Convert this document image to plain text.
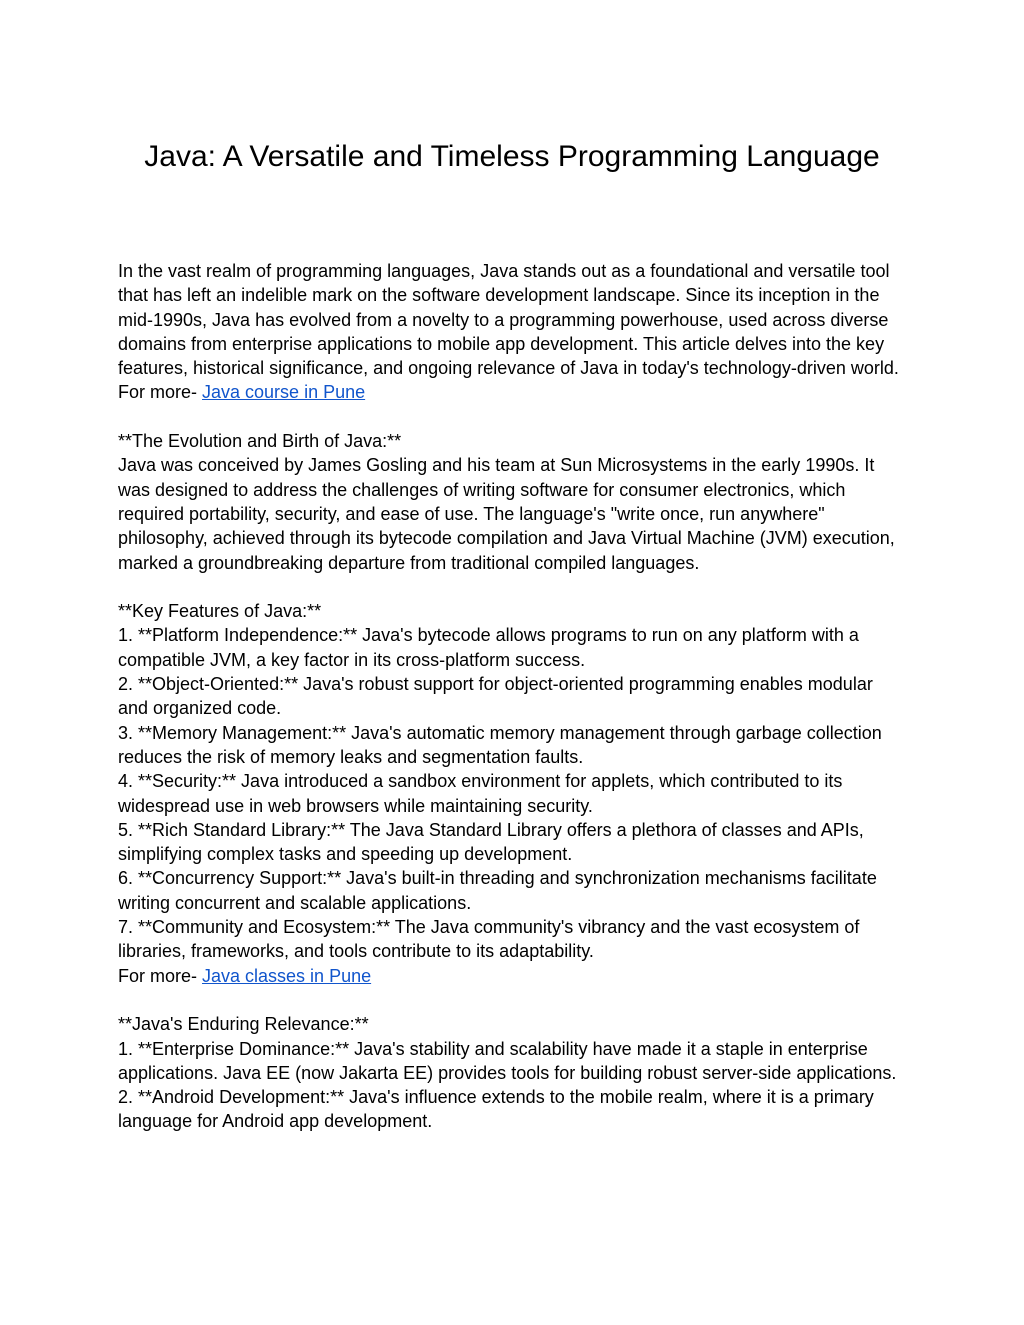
Java: A Versatile and Timeless Programming Language

In the vast realm of programming languages, Java stands out as a foundational and versatile tool that has left an indelible mark on the software development landscape. Since its inception in the mid-1990s, Java has evolved from a novelty to a programming powerhouse, used across diverse domains from enterprise applications to mobile app development. This article delves into the key features, historical significance, and ongoing relevance of Java in today's technology-driven world.

For more- Java course in Pune

**The Evolution and Birth of Java:**

Java was conceived by James Gosling and his team at Sun Microsystems in the early 1990s. It was designed to address the challenges of writing software for consumer electronics, which required portability, security, and ease of use. The language's "write once, run anywhere" philosophy, achieved through its bytecode compilation and Java Virtual Machine (JVM) execution, marked a groundbreaking departure from traditional compiled languages.

**Key Features of Java:**

1. **Platform Independence:** Java's bytecode allows programs to run on any platform with a compatible JVM, a key factor in its cross-platform success.

2. **Object-Oriented:** Java's robust support for object-oriented programming enables modular and organized code.

3. **Memory Management:** Java's automatic memory management through garbage collection reduces the risk of memory leaks and segmentation faults.

4. **Security:** Java introduced a sandbox environment for applets, which contributed to its widespread use in web browsers while maintaining security.

5. **Rich Standard Library:** The Java Standard Library offers a plethora of classes and APIs, simplifying complex tasks and speeding up development.

6. **Concurrency Support:** Java's built-in threading and synchronization mechanisms facilitate writing concurrent and scalable applications.

7. **Community and Ecosystem:** The Java community's vibrancy and the vast ecosystem of libraries, frameworks, and tools contribute to its adaptability.

For more- Java classes in Pune

**Java's Enduring Relevance:**

1. **Enterprise Dominance:** Java's stability and scalability have made it a staple in enterprise applications. Java EE (now Jakarta EE) provides tools for building robust server-side applications.

2. **Android Development:** Java's influence extends to the mobile realm, where it is a primary language for Android app development.
